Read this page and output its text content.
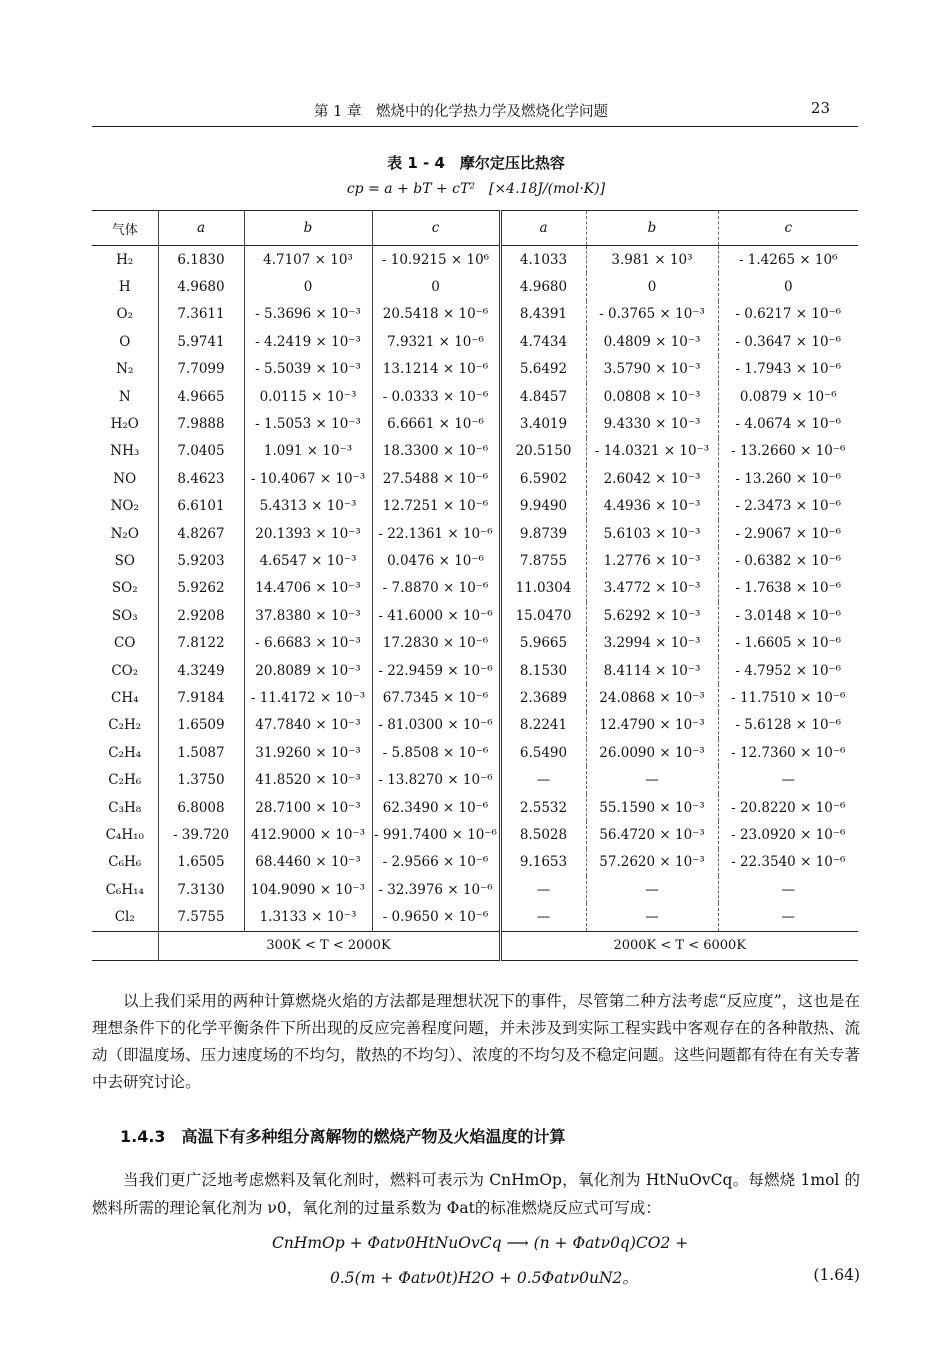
第 1 章　燃烧中的化学热力学及燃烧化学问题	23
表 1 - 4　摩尔定压比热容
cp = a + bT + cT²　[×4.18J/(mol·K)]
气体	a	b	c	a	b	c
H₂	6.1830	4.7107 × 10³	- 10.9215 × 10⁶	4.1033	3.981 × 10³	- 1.4265 × 10⁶
H	4.9680	0	0	4.9680	0	0
O₂	7.3611	- 5.3696 × 10⁻³	20.5418 × 10⁻⁶	8.4391	- 0.3765 × 10⁻³	- 0.6217 × 10⁻⁶
O	5.9741	- 4.2419 × 10⁻³	7.9321 × 10⁻⁶	4.7434	0.4809 × 10⁻³	- 0.3647 × 10⁻⁶
N₂	7.7099	- 5.5039 × 10⁻³	13.1214 × 10⁻⁶	5.6492	3.5790 × 10⁻³	- 1.7943 × 10⁻⁶
N	4.9665	0.0115 × 10⁻³	- 0.0333 × 10⁻⁶	4.8457	0.0808 × 10⁻³	0.0879 × 10⁻⁶
H₂O	7.9888	- 1.5053 × 10⁻³	6.6661 × 10⁻⁶	3.4019	9.4330 × 10⁻³	- 4.0674 × 10⁻⁶
NH₃	7.0405	1.091 × 10⁻³	18.3300 × 10⁻⁶	20.5150	- 14.0321 × 10⁻³	- 13.2660 × 10⁻⁶
NO	8.4623	- 10.4067 × 10⁻³	27.5488 × 10⁻⁶	6.5902	2.6042 × 10⁻³	- 13.260 × 10⁻⁶
NO₂	6.6101	5.4313 × 10⁻³	12.7251 × 10⁻⁶	9.9490	4.4936 × 10⁻³	- 2.3473 × 10⁻⁶
N₂O	4.8267	20.1393 × 10⁻³	- 22.1361 × 10⁻⁶	9.8739	5.6103 × 10⁻³	- 2.9067 × 10⁻⁶
SO	5.9203	4.6547 × 10⁻³	0.0476 × 10⁻⁶	7.8755	1.2776 × 10⁻³	- 0.6382 × 10⁻⁶
SO₂	5.9262	14.4706 × 10⁻³	- 7.8870 × 10⁻⁶	11.0304	3.4772 × 10⁻³	- 1.7638 × 10⁻⁶
SO₃	2.9208	37.8380 × 10⁻³	- 41.6000 × 10⁻⁶	15.0470	5.6292 × 10⁻³	- 3.0148 × 10⁻⁶
CO	7.8122	- 6.6683 × 10⁻³	17.2830 × 10⁻⁶	5.9665	3.2994 × 10⁻³	- 1.6605 × 10⁻⁶
CO₂	4.3249	20.8089 × 10⁻³	- 22.9459 × 10⁻⁶	8.1530	8.4114 × 10⁻³	- 4.7952 × 10⁻⁶
CH₄	7.9184	- 11.4172 × 10⁻³	67.7345 × 10⁻⁶	2.3689	24.0868 × 10⁻³	- 11.7510 × 10⁻⁶
C₂H₂	1.6509	47.7840 × 10⁻³	- 81.0300 × 10⁻⁶	8.2241	12.4790 × 10⁻³	- 5.6128 × 10⁻⁶
C₂H₄	1.5087	31.9260 × 10⁻³	- 5.8508 × 10⁻⁶	6.5490	26.0090 × 10⁻³	- 12.7360 × 10⁻⁶
C₂H₆	1.3750	41.8520 × 10⁻³	- 13.8270 × 10⁻⁶	—	—	—
C₃H₈	6.8008	28.7100 × 10⁻³	62.3490 × 10⁻⁶	2.5532	55.1590 × 10⁻³	- 20.8220 × 10⁻⁶
C₄H₁₀	- 39.720	412.9000 × 10⁻³	- 991.7400 × 10⁻⁶	8.5028	56.4720 × 10⁻³	- 23.0920 × 10⁻⁶
C₆H₆	1.6505	68.4460 × 10⁻³	- 2.9566 × 10⁻⁶	9.1653	57.2620 × 10⁻³	- 22.3540 × 10⁻⁶
C₆H₁₄	7.3130	104.9090 × 10⁻³	- 32.3976 × 10⁻⁶	—	—	—
Cl₂	7.5755	1.3133 × 10⁻³	- 0.9650 × 10⁻⁶	—	—	—
	300K < T < 2000K			2000K < T < 6000K		
以上我们采用的两种计算燃烧火焰的方法都是理想状况下的事件，尽管第二种方法考虑“反应度”，这也是在理想条件下的化学平衡条件下所出现的反应完善程度问题，并未涉及到实际工程实践中客观存在的各种散热、流动（即温度场、压力速度场的不均匀，散热的不均匀）、浓度的不均匀及不稳定问题。这些问题都有待在有关专著中去研究讨论。
1.4.3　高温下有多种组分离解物的燃烧产物及火焰温度的计算
当我们更广泛地考虑燃料及氧化剂时，燃料可表示为 CnHmOp，氧化剂为 HtNuOvCq。每燃烧 1mol 的燃料所需的理论氧化剂为 ν0，氧化剂的过量系数为 Φat的标准燃烧反应式可写成：
CnHmOp + Φatν0HtNuOvCq ⟶ (n + Φatν0q)CO2 +
0.5(m + Φatν0t)H2O + 0.5Φatν0uN2。	(1.64)
